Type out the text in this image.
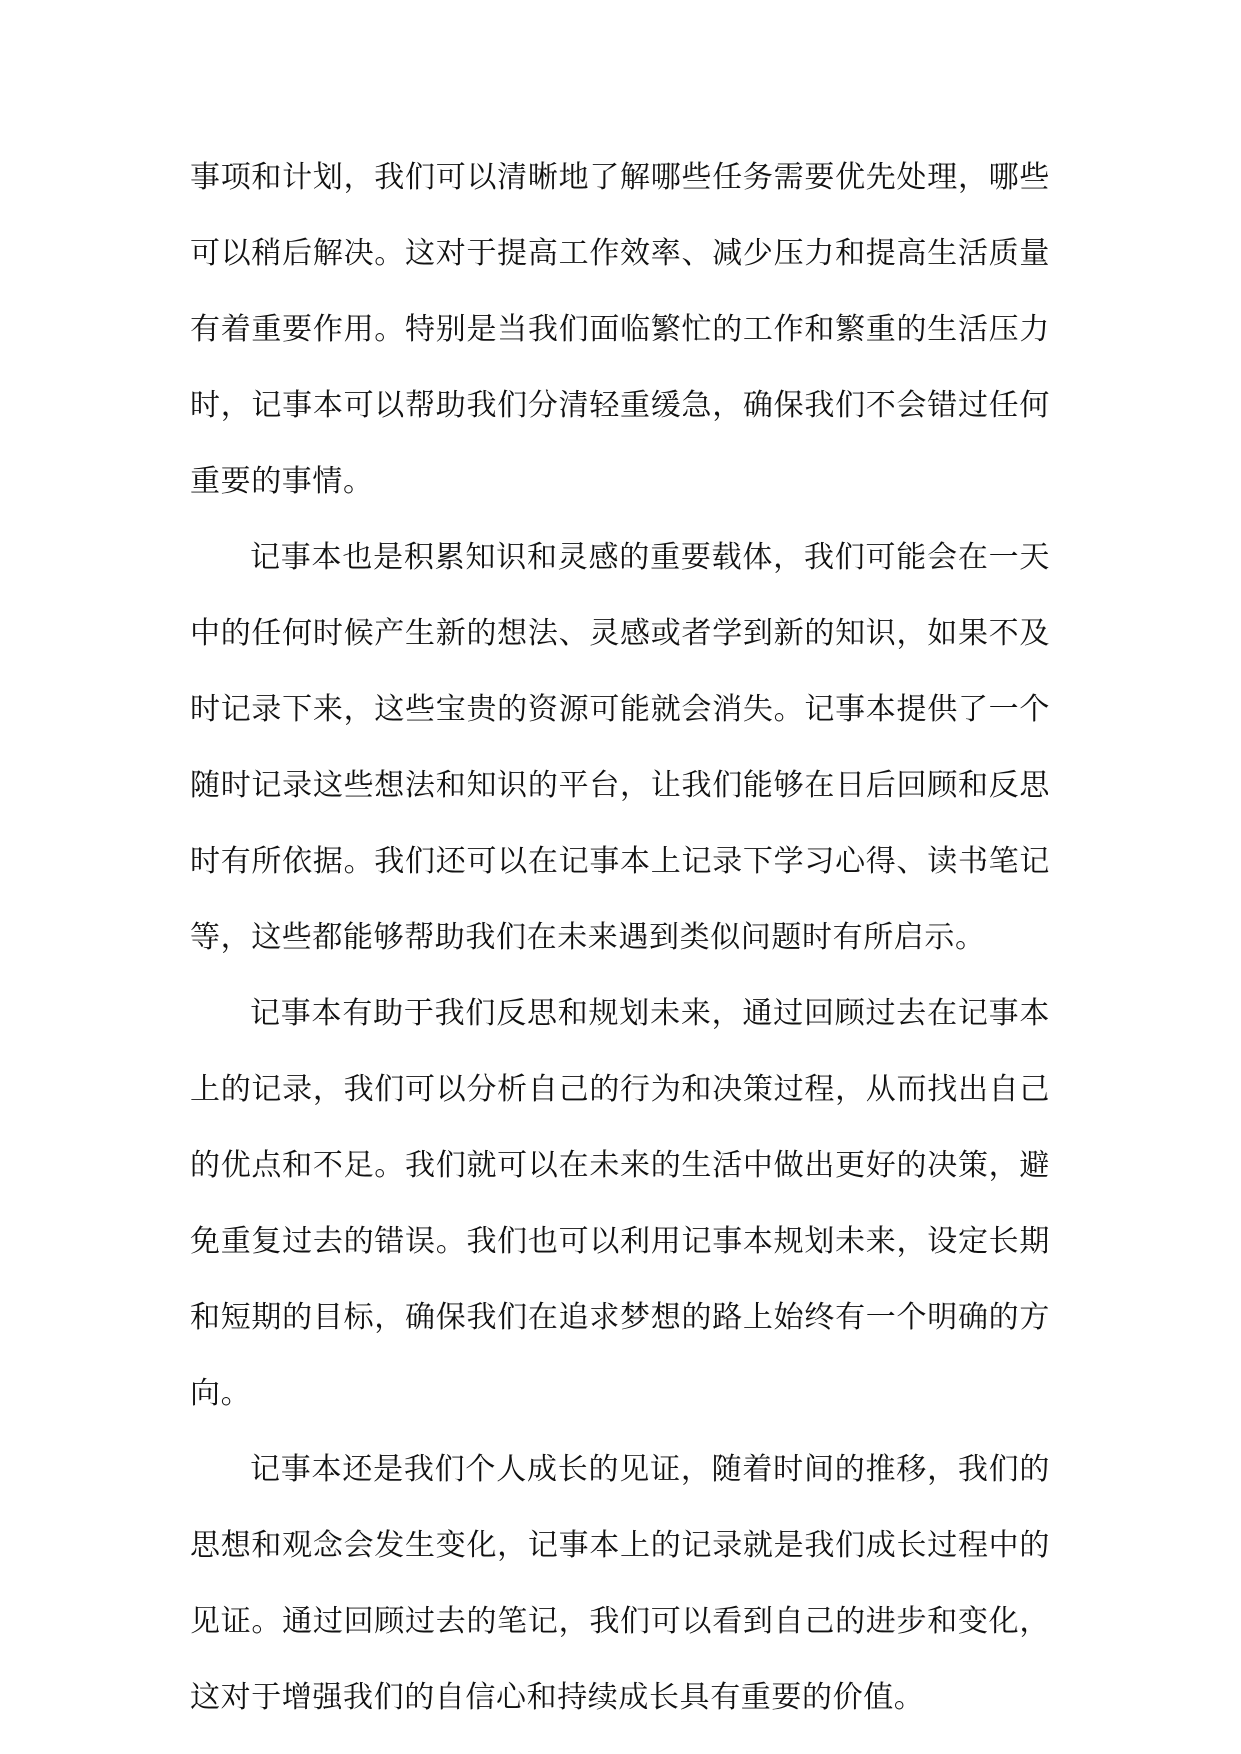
事项和计划，我们可以清晰地了解哪些任务需要优先处理，哪些可以稍后解决。这对于提高工作效率、减少压力和提高生活质量有着重要作用。特别是当我们面临繁忙的工作和繁重的生活压力时，记事本可以帮助我们分清轻重缓急，确保我们不会错过任何重要的事情。

记事本也是积累知识和灵感的重要载体，我们可能会在一天中的任何时候产生新的想法、灵感或者学到新的知识，如果不及时记录下来，这些宝贵的资源可能就会消失。记事本提供了一个随时记录这些想法和知识的平台，让我们能够在日后回顾和反思时有所依据。我们还可以在记事本上记录下学习心得、读书笔记等，这些都能够帮助我们在未来遇到类似问题时有所启示。

记事本有助于我们反思和规划未来，通过回顾过去在记事本上的记录，我们可以分析自己的行为和决策过程，从而找出自己的优点和不足。我们就可以在未来的生活中做出更好的决策，避免重复过去的错误。我们也可以利用记事本规划未来，设定长期和短期的目标，确保我们在追求梦想的路上始终有一个明确的方向。

记事本还是我们个人成长的见证，随着时间的推移，我们的思想和观念会发生变化，记事本上的记录就是我们成长过程中的见证。通过回顾过去的笔记，我们可以看到自己的进步和变化，这对于增强我们的自信心和持续成长具有重要的价值。
